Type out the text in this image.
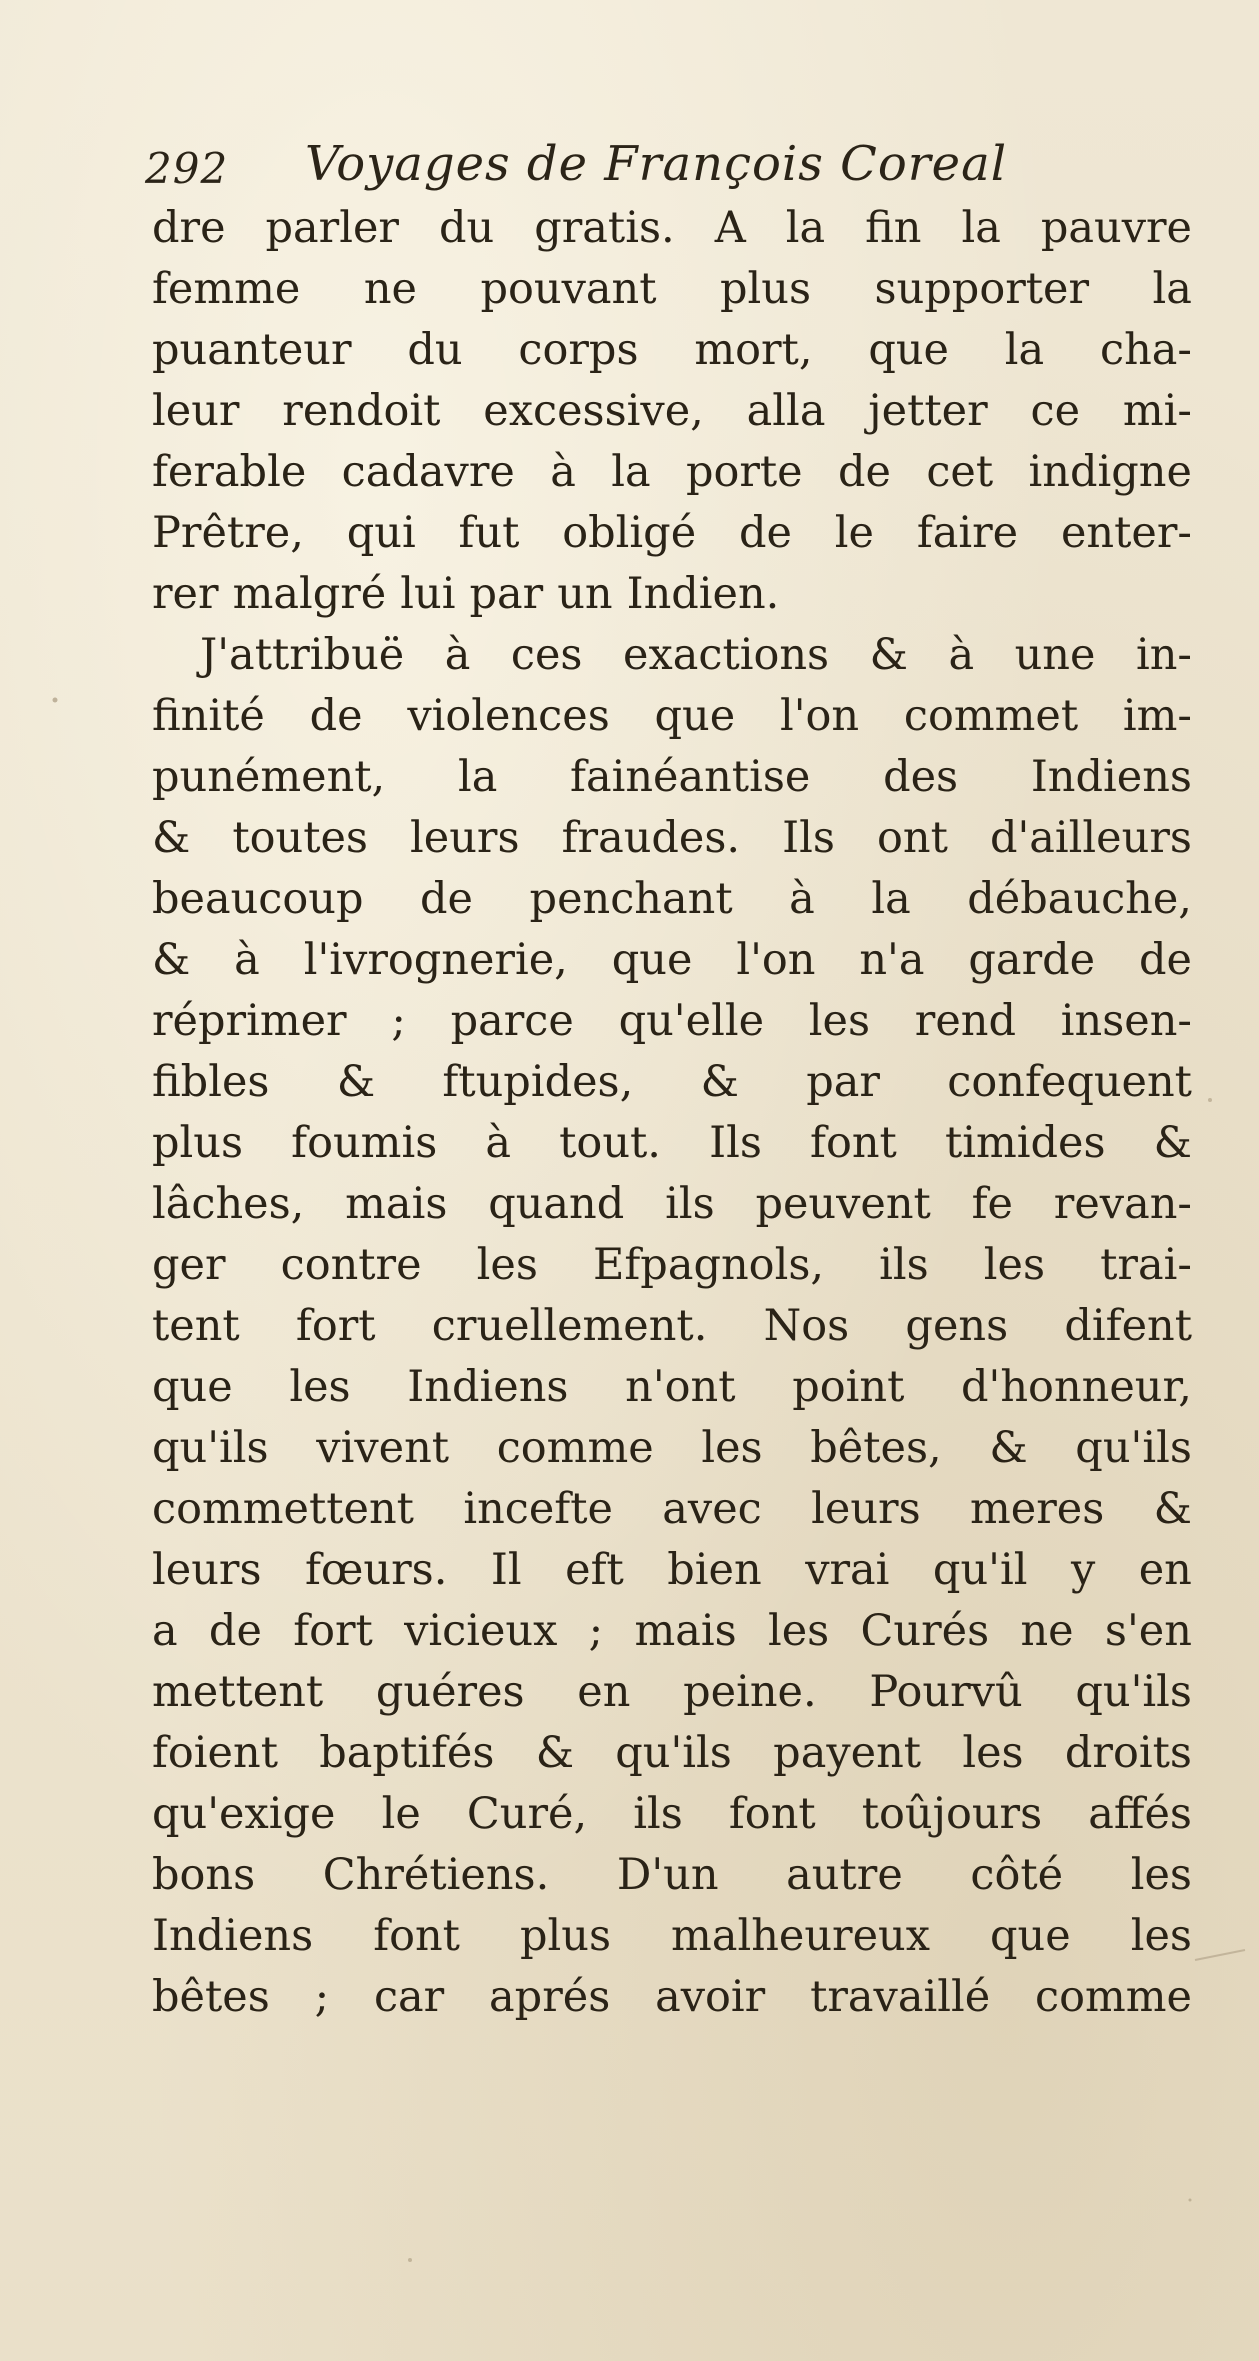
292 Voyages de François Coreal
dre parler du gratis. A la fin la pauvre
femme ne pouvant plus supporter la
puanteur du corps mort, que la cha-
leur rendoit excessive, alla jetter ce mi-
ferable cadavre à la porte de cet indigne
Prêtre, qui fut obligé de le faire enter-
rer malgré lui par un Indien.
J'attribuë à ces exactions & à une in-
finité de violences que l'on commet im-
punément, la fainéantise des Indiens
& toutes leurs fraudes. Ils ont d'ailleurs
beaucoup de penchant à la débauche,
& à l'ivrognerie, que l'on n'a garde de
réprimer ; parce qu'elle les rend insen-
fibles & ftupides, & par confequent
plus foumis à tout. Ils font timides &
lâches, mais quand ils peuvent fe revan-
ger contre les Efpagnols, ils les trai-
tent fort cruellement. Nos gens difent
que les Indiens n'ont point d'honneur,
qu'ils vivent comme les bêtes, & qu'ils
commettent incefte avec leurs meres &
leurs fœurs. Il eft bien vrai qu'il y en
a de fort vicieux ; mais les Curés ne s'en
mettent guéres en peine. Pourvû qu'ils
foient baptifés & qu'ils payent les droits
qu'exige le Curé, ils font toûjours affés
bons Chrétiens. D'un autre côté les
Indiens font plus malheureux que les
bêtes ; car aprés avoir travaillé comme
